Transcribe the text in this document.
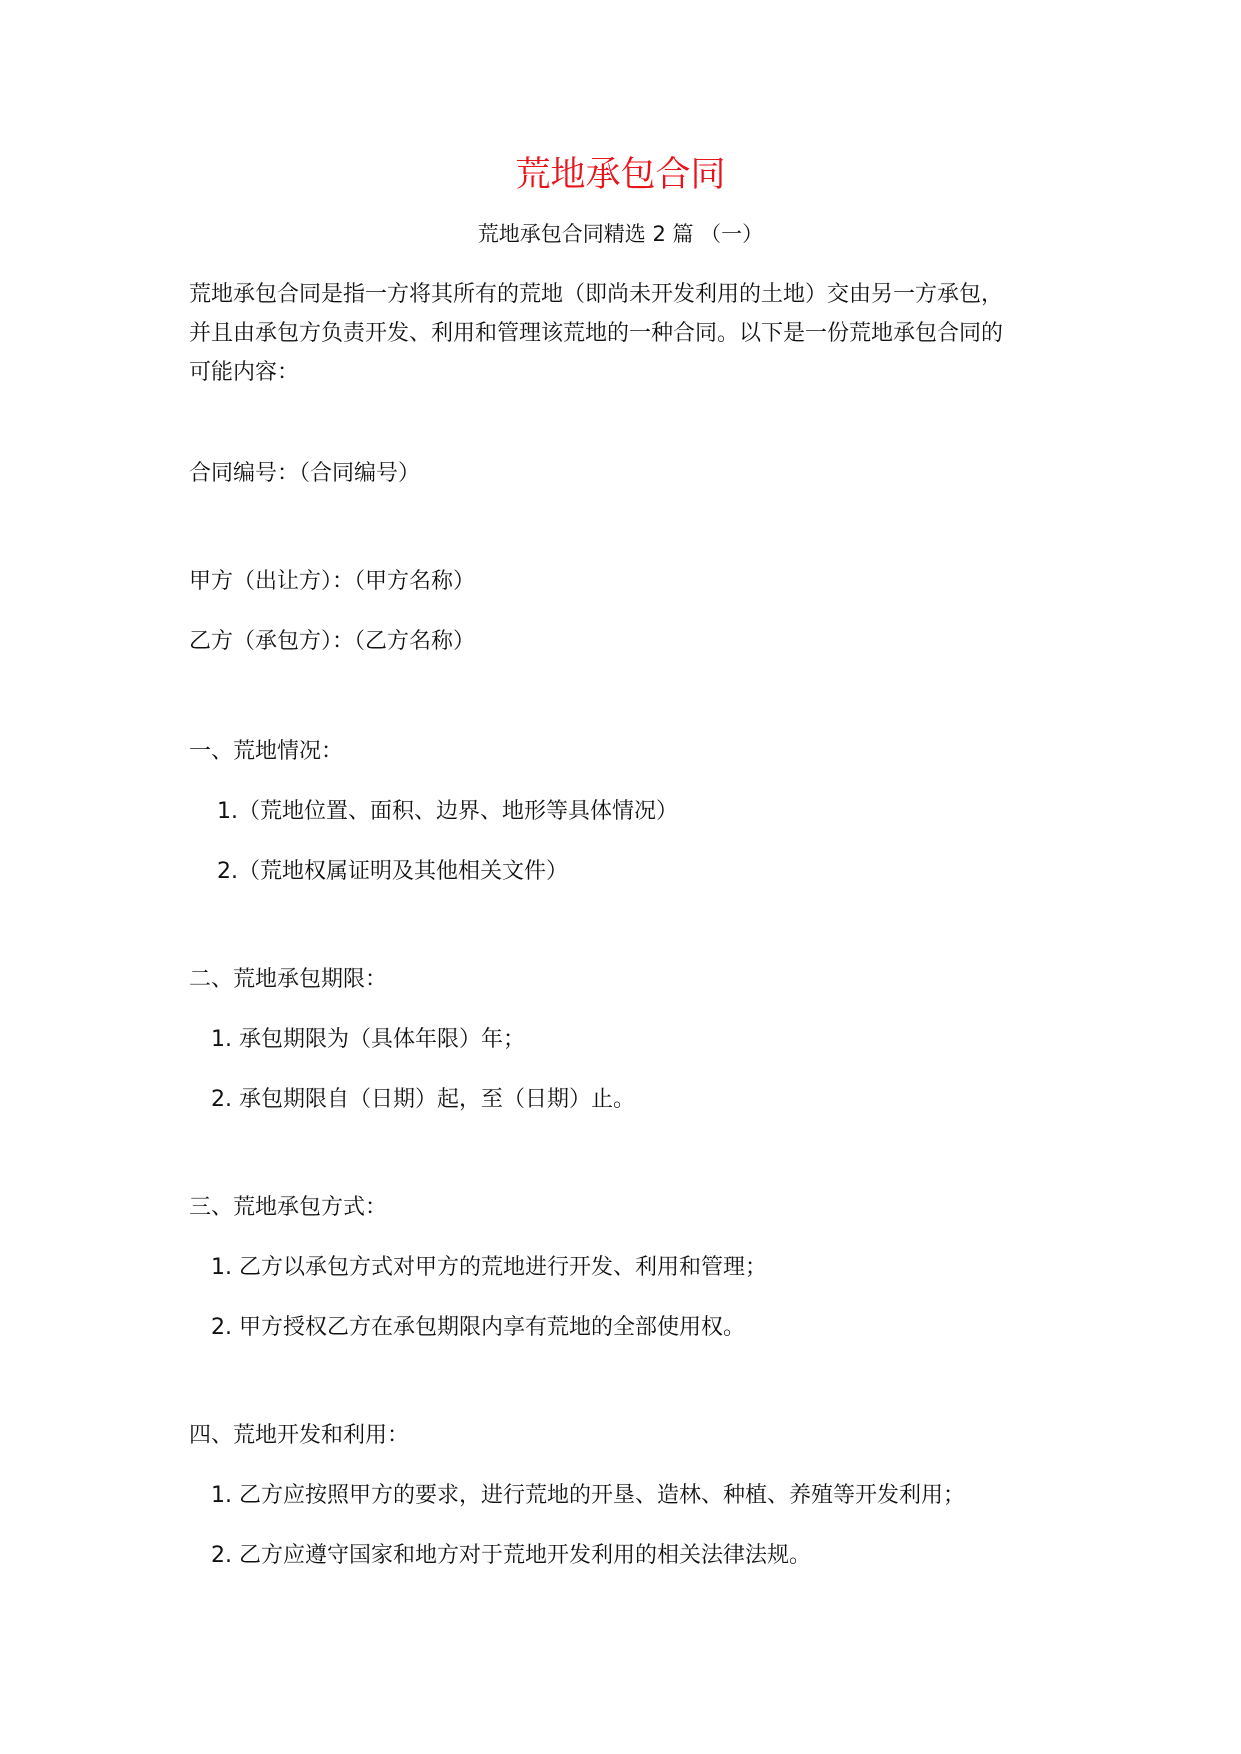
荒地承包合同
荒地承包合同精选 2 篇 （一）
荒地承包合同是指一方将其所有的荒地（即尚未开发利用的土地）交由另一方承包，
并且由承包方负责开发、利用和管理该荒地的一种合同。以下是一份荒地承包合同的
可能内容：
合同编号：（合同编号）
甲方（出让方）：（甲方名称）
乙方（承包方）：（乙方名称）
一、荒地情况：
1.（荒地位置、面积、边界、地形等具体情况）
2.（荒地权属证明及其他相关文件）
二、荒地承包期限：
1. 承包期限为（具体年限）年；
2. 承包期限自（日期）起，至（日期）止。
三、荒地承包方式：
1. 乙方以承包方式对甲方的荒地进行开发、利用和管理；
2. 甲方授权乙方在承包期限内享有荒地的全部使用权。
四、荒地开发和利用：
1. 乙方应按照甲方的要求，进行荒地的开垦、造林、种植、养殖等开发利用；
2. 乙方应遵守国家和地方对于荒地开发利用的相关法律法规。
